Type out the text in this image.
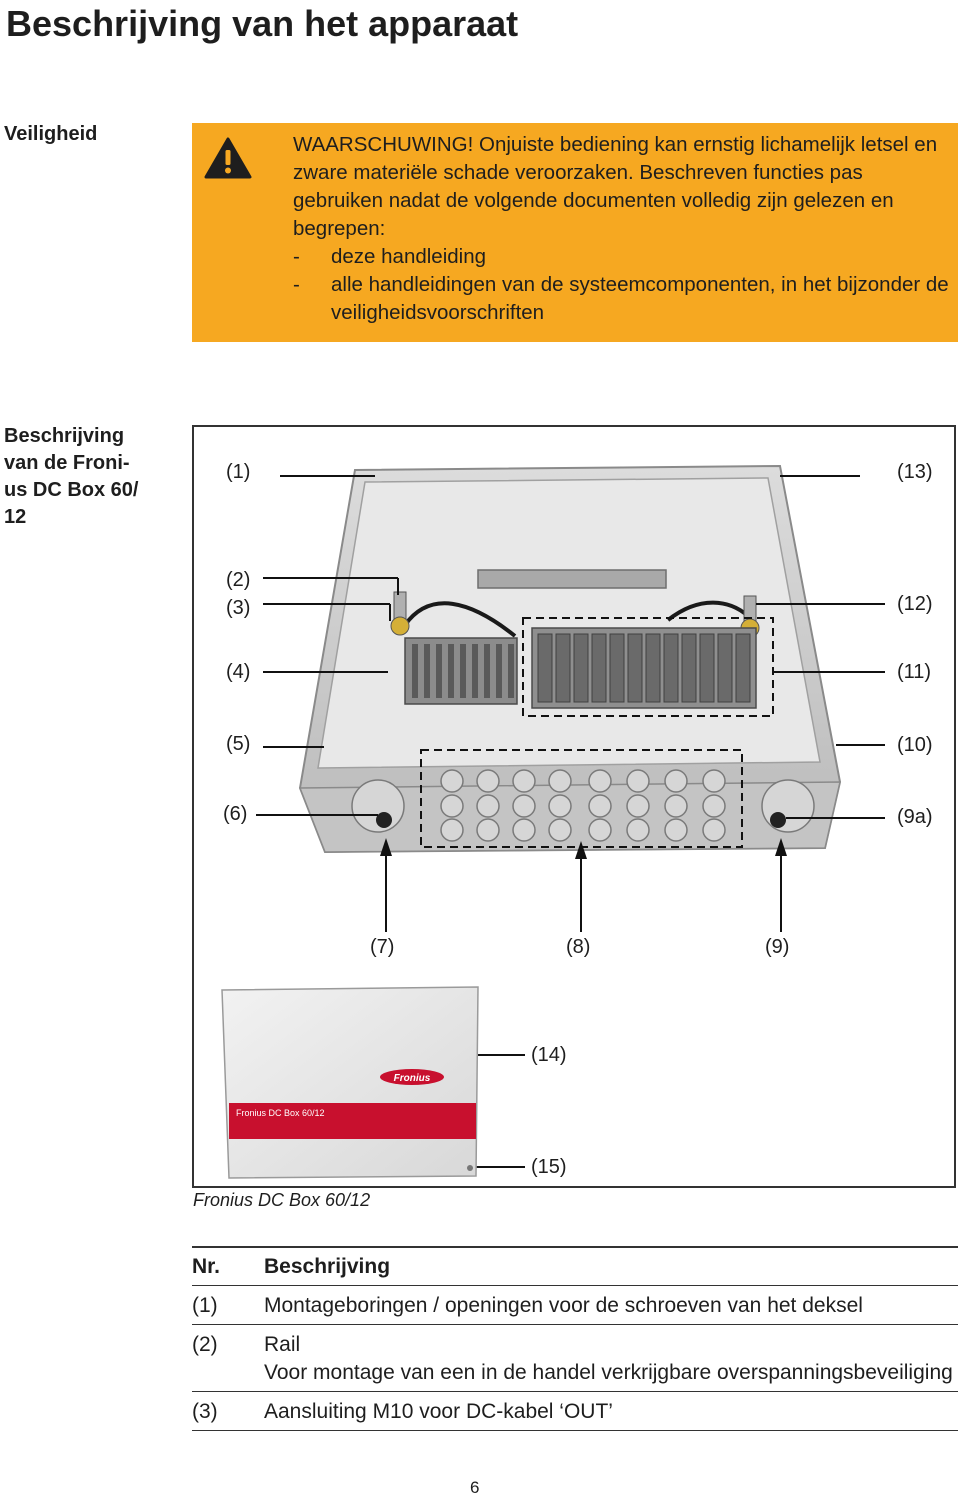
Beschrijving van het apparaat
Veiligheid	WAARSCHUWING! Onjuiste bediening kan ernstig lichamelijk letsel en zware materiële schade veroorzaken. Beschreven functies pas gebruiken nadat de volgende documenten volledig zijn gelezen en begrepen:
-	deze handleiding
-	alle handleidingen van de systeemcomponenten, in het bijzonder de veiligheidsvoorschriften
Beschrijving
van de Froni-
us DC Box 60/
12
Fronius
Fronius DC Box 60/12
(1)
(2)
(3)
(4)
(5)
(6)
(7)	(8)	(9)
(9a)
(10)
(11)
(12)
(13)
(14)
(15)
Fronius DC Box 60/12
Nr.	Beschrijving
(1)	Montageboringen / openingen voor de schroeven van het deksel
(2)	Rail
Voor montage van een in de handel verkrijgbare overspanningsbeveiliging
(3)	Aansluiting M10 voor DC-kabel ‘OUT’
6
